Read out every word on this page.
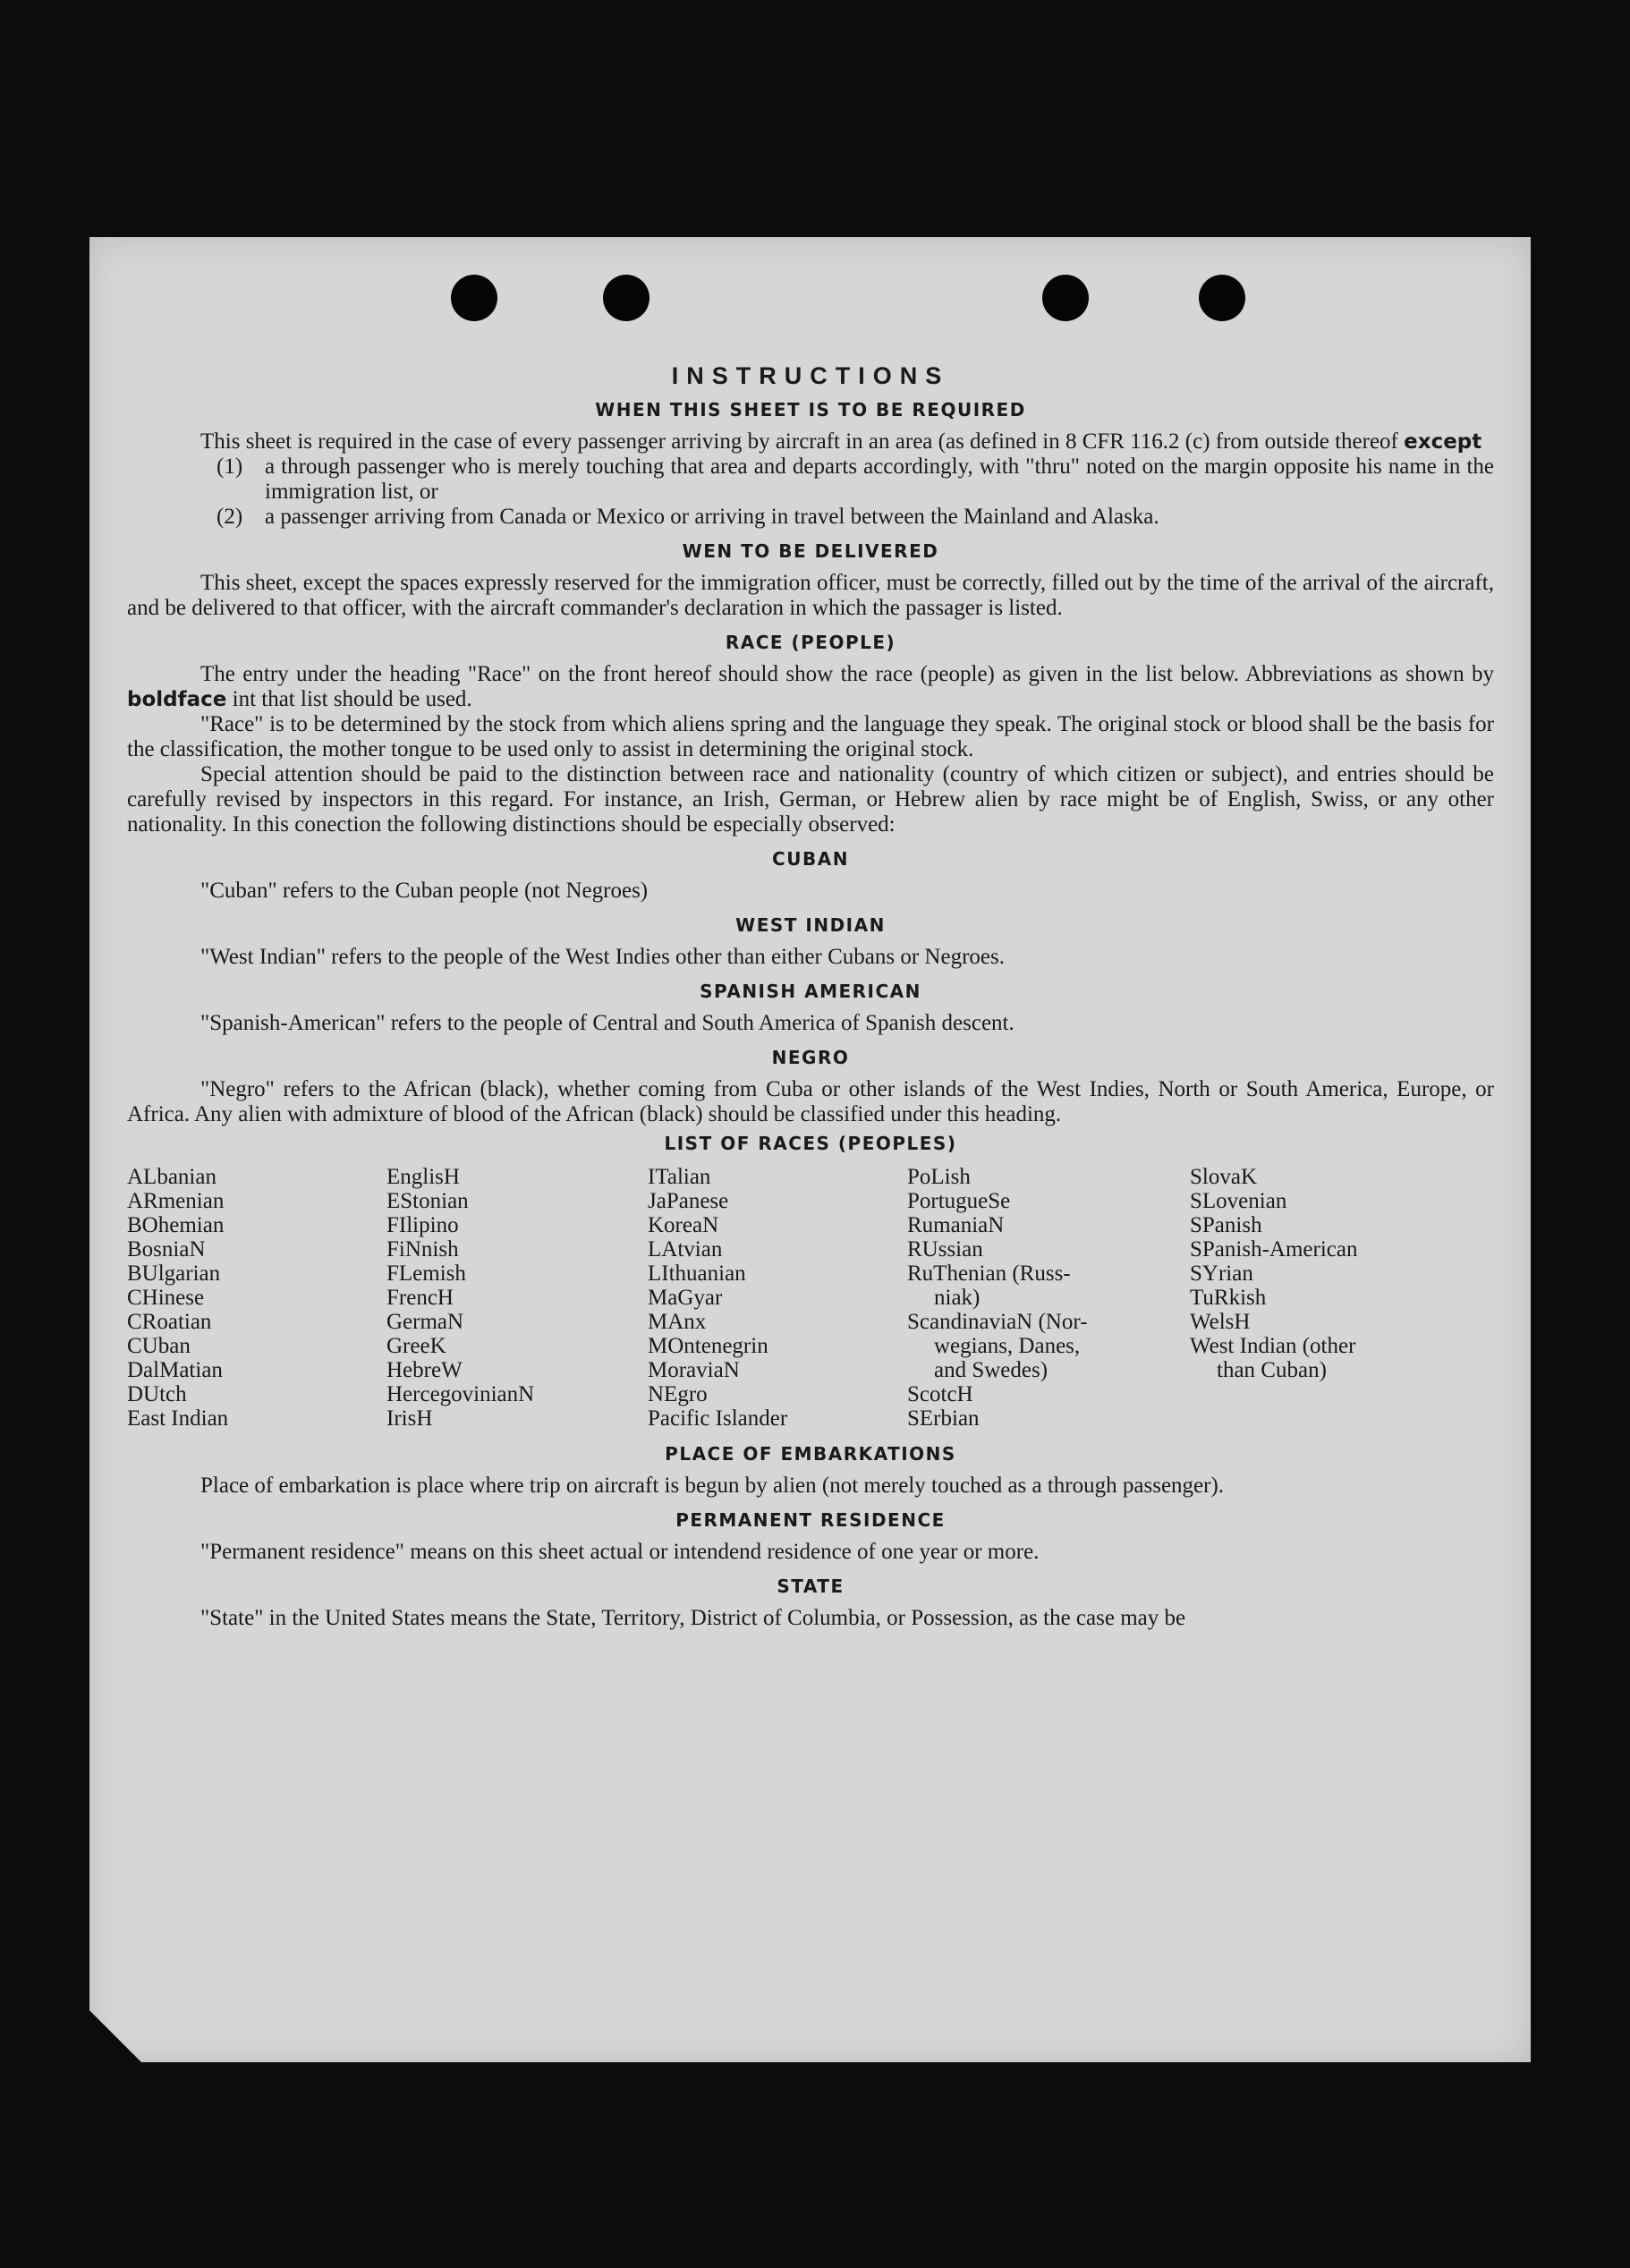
INSTRUCTIONS
WHEN THIS SHEET IS TO BE REQUIRED

This sheet is required in the case of every passenger arriving by aircraft in an area (as defined in 8 CFR 116.2 (c) from outside thereof except

(1) a through passenger who is merely touching that area and departs accordingly, with "thru" noted on the margin opposite his name in the immigration list, or
(2) a passenger arriving from Canada or Mexico or arriving in travel between the Mainland and Alaska.
WEN TO BE DELIVERED

This sheet, except the spaces expressly reserved for the immigration officer, must be correctly, filled out by the time of the arrival of the aircraft, and be delivered to that officer, with the aircraft commander's declaration in which the passager is listed.

RACE (PEOPLE)

The entry under the heading "Race" on the front hereof should show the race (people) as given in the list below. Abbreviations as shown by boldface int that list should be used.

"Race" is to be determined by the stock from which aliens spring and the language they speak. The original stock or blood shall be the basis for the classification, the mother tongue to be used only to assist in determining the original stock.

Special attention should be paid to the distinction between race and nationality (country of which citizen or subject), and entries should be carefully revised by inspectors in this regard. For instance, an Irish, German, or Hebrew alien by race might be of English, Swiss, or any other nationality. In this conection the following distinctions should be especially observed:

CUBAN

"Cuban" refers to the Cuban people (not Negroes)

WEST INDIAN

"West Indian" refers to the people of the West Indies other than either Cubans or Negroes.

SPANISH AMERICAN

"Spanish-American" refers to the people of Central and South America of Spanish descent.

NEGRO

"Negro" refers to the African (black), whether coming from Cuba or other islands of the West Indies, North or South America, Europe, or Africa. Any alien with admixture of blood of the African (black) should be classified under this heading.

LIST OF RACES (PEOPLES)
ALbanian
ARmenian
BOhemian
BosniaN
BUlgarian
CHinese
CRoatian
CUban
DalMatian
DUtch
East Indian
EnglisH
EStonian
FIlipino
FiNnish
FLemish
FrencH
GermaN
GreeK
HebreW
HercegovinianN
IrisH
ITalian
JaPanese
KoreaN
LAtvian
LIthuanian
MaGyar
MAnx
MOntenegrin
MoraviaN
NEgro
Pacific Islander
PoLish
PortugueSe
RumaniaN
RUssian
RuThenian (Russ-
niak)
ScandinaviaN (Nor-
wegians, Danes,
and Swedes)
ScotcH
SErbian
SlovaK
SLovenian
SPanish
SPanish-American
SYrian
TuRkish
WelsH
West Indian (other
than Cuban)
PLACE OF EMBARKATIONS

Place of embarkation is place where trip on aircraft is begun by alien (not merely touched as a through passenger).

PERMANENT RESIDENCE

"Permanent residence" means on this sheet actual or intendend residence of one year or more.

STATE

"State" in the United States means the State, Territory, District of Columbia, or Possession, as the case may be
